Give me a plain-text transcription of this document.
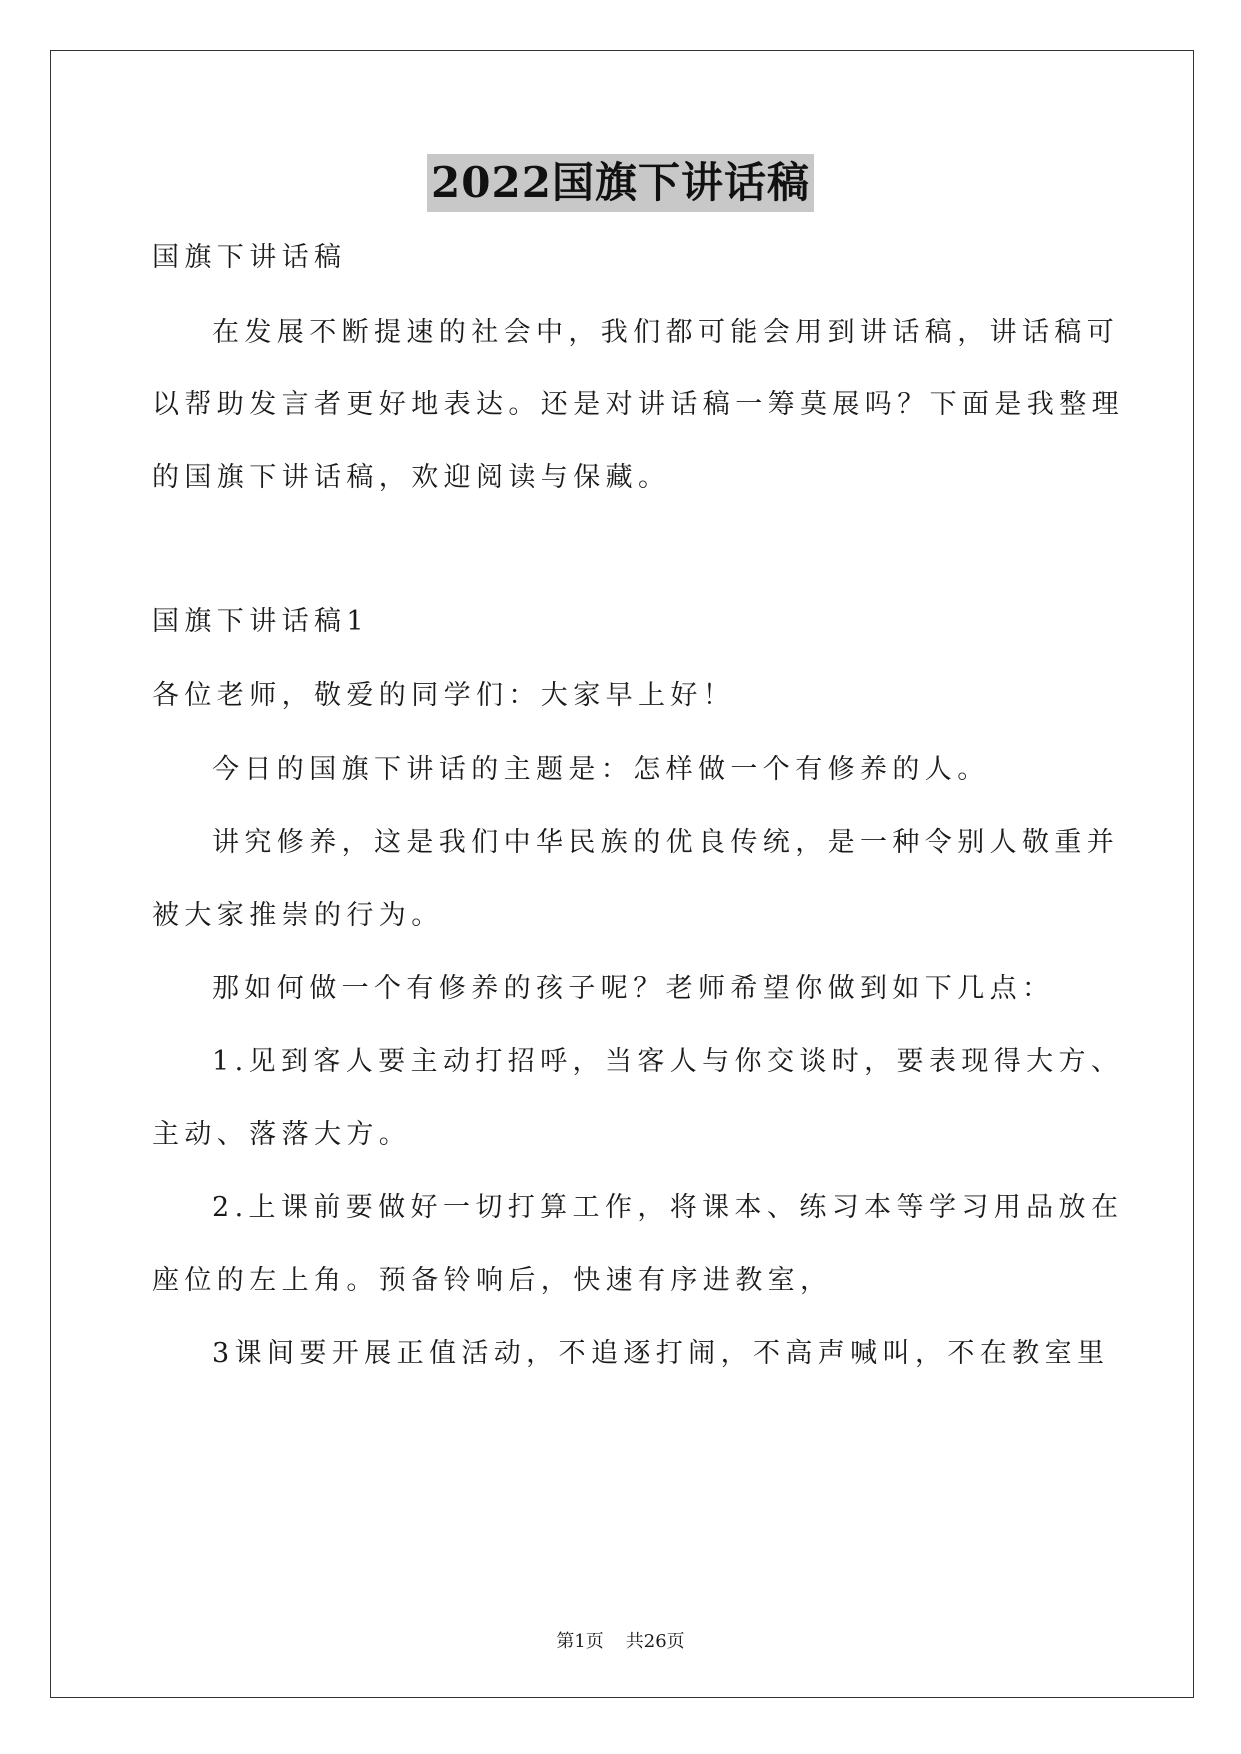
2022国旗下讲话稿
国旗下讲话稿
在发展不断提速的社会中，我们都可能会用到讲话稿，讲话稿可
以帮助发言者更好地表达。还是对讲话稿一筹莫展吗？下面是我整理
的国旗下讲话稿，欢迎阅读与保藏。
国旗下讲话稿1
各位老师，敬爱的同学们：大家早上好！
今日的国旗下讲话的主题是：怎样做一个有修养的人。
讲究修养，这是我们中华民族的优良传统，是一种令别人敬重并
被大家推崇的行为。
那如何做一个有修养的孩子呢？老师希望你做到如下几点：
1.见到客人要主动打招呼，当客人与你交谈时，要表现得大方、
主动、落落大方。
2.上课前要做好一切打算工作，将课本、练习本等学习用品放在
座位的左上角。预备铃响后，快速有序进教室，
3课间要开展正值活动，不追逐打闹，不高声喊叫，不在教室里
第1页 共26页
